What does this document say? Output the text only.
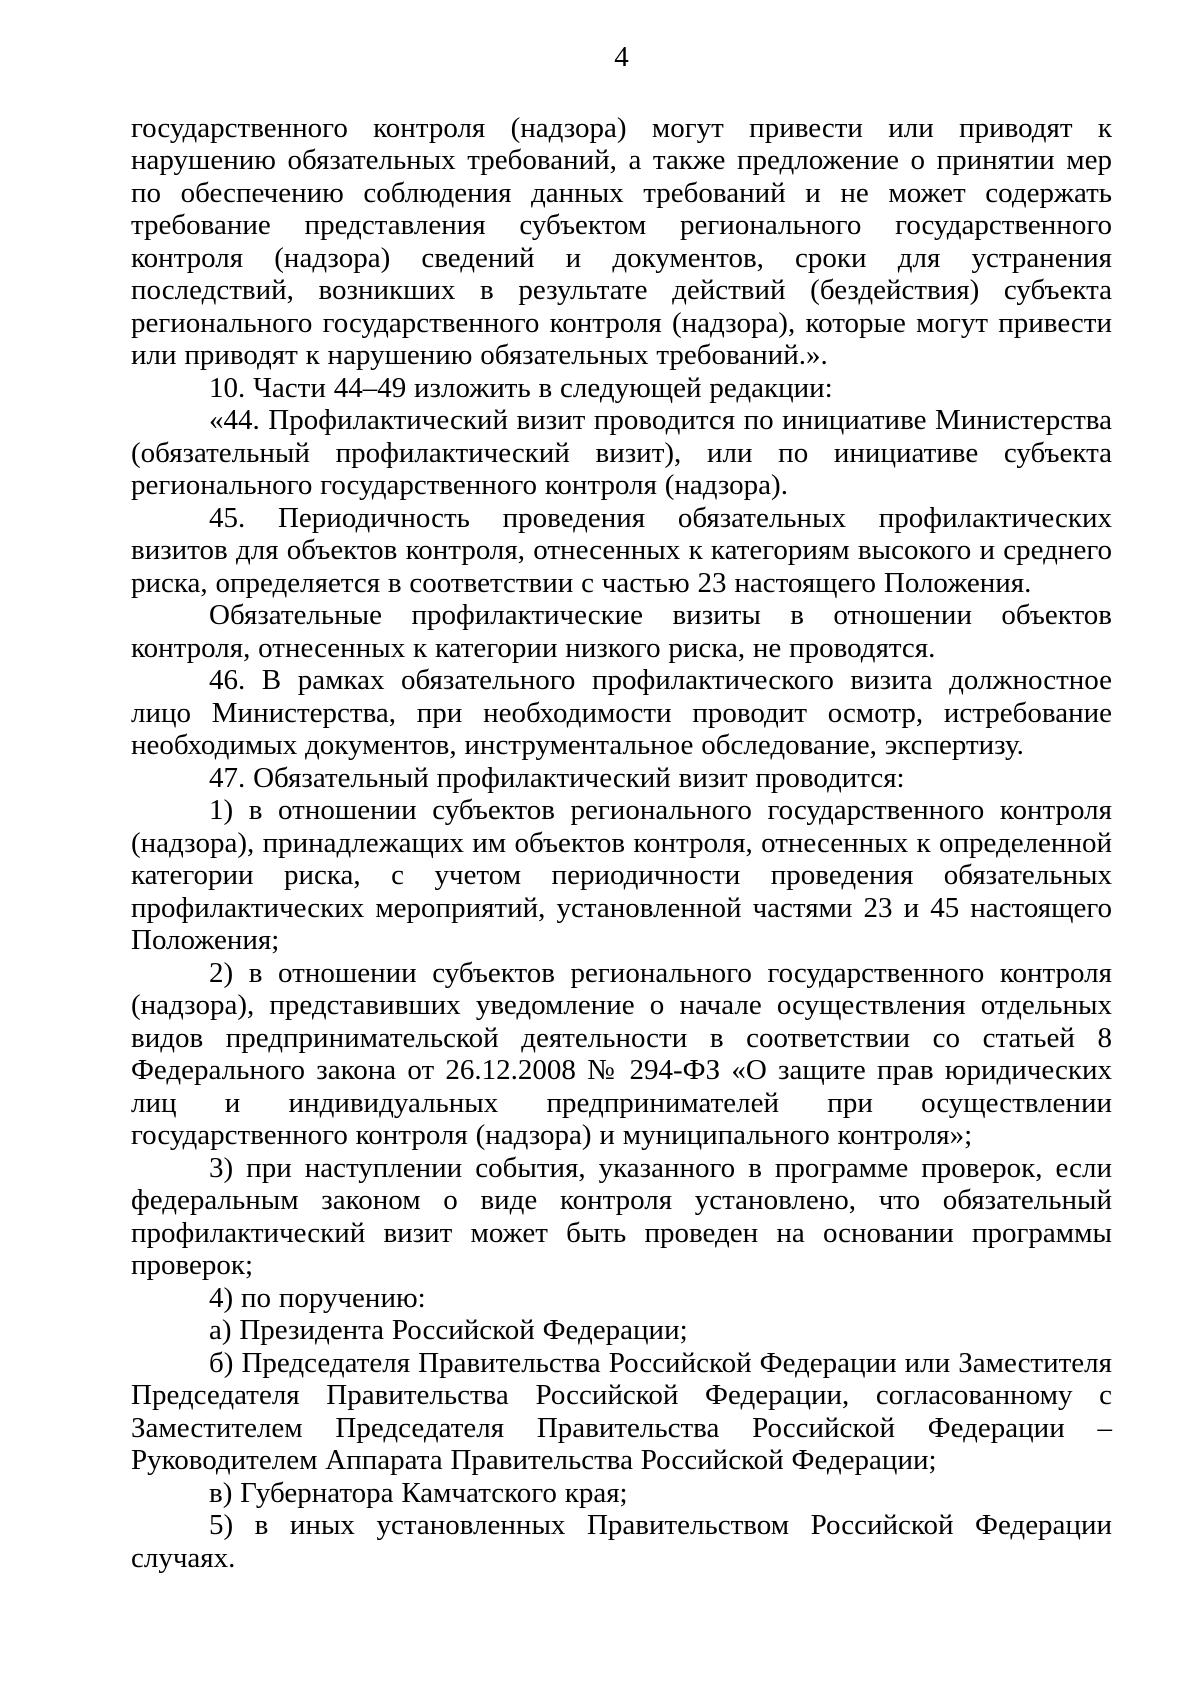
4

государственного контроля (надзора) могут привести или приводят к нарушению обязательных требований, а также предложение о принятии мер по обеспечению соблюдения данных требований и не может содержать требование представления субъектом регионального государственного контроля (надзора) сведений и документов, сроки для устранения последствий, возникших в результате действий (бездействия) субъекта регионального государственного контроля (надзора), которые могут привести или приводят к нарушению обязательных требований.».

10. Части 44–49 изложить в следующей редакции:

«44. Профилактический визит проводится по инициативе Министерства (обязательный профилактический визит), или по инициативе субъекта регионального государственного контроля (надзора).

45. Периодичность проведения обязательных профилактических визитов для объектов контроля, отнесенных к категориям высокого и среднего риска, определяется в соответствии с частью 23 настоящего Положения.

Обязательные профилактические визиты в отношении объектов контроля, отнесенных к категории низкого риска, не проводятся.

46. В рамках обязательного профилактического визита должностное лицо Министерства, при необходимости проводит осмотр, истребование необходимых документов, инструментальное обследование, экспертизу.

47. Обязательный профилактический визит проводится:

1) в отношении субъектов регионального государственного контроля (надзора), принадлежащих им объектов контроля, отнесенных к определенной категории риска, с учетом периодичности проведения обязательных профилактических мероприятий, установленной частями 23 и 45 настоящего Положения;

2) в отношении субъектов регионального государственного контроля (надзора), представивших уведомление о начале осуществления отдельных видов предпринимательской деятельности в соответствии со статьей 8 Федерального закона от 26.12.2008 № 294-ФЗ «О защите прав юридических лиц и индивидуальных предпринимателей при осуществлении государственного контроля (надзора) и муниципального контроля»;

3) при наступлении события, указанного в программе проверок, если федеральным законом о виде контроля установлено, что обязательный профилактический визит может быть проведен на основании программы проверок;

4) по поручению:

а) Президента Российской Федерации;

б) Председателя Правительства Российской Федерации или Заместителя Председателя Правительства Российской Федерации, согласованному с Заместителем Председателя Правительства Российской Федерации – Руководителем Аппарата Правительства Российской Федерации;

в) Губернатора Камчатского края;

5) в иных установленных Правительством Российской Федерации случаях.
